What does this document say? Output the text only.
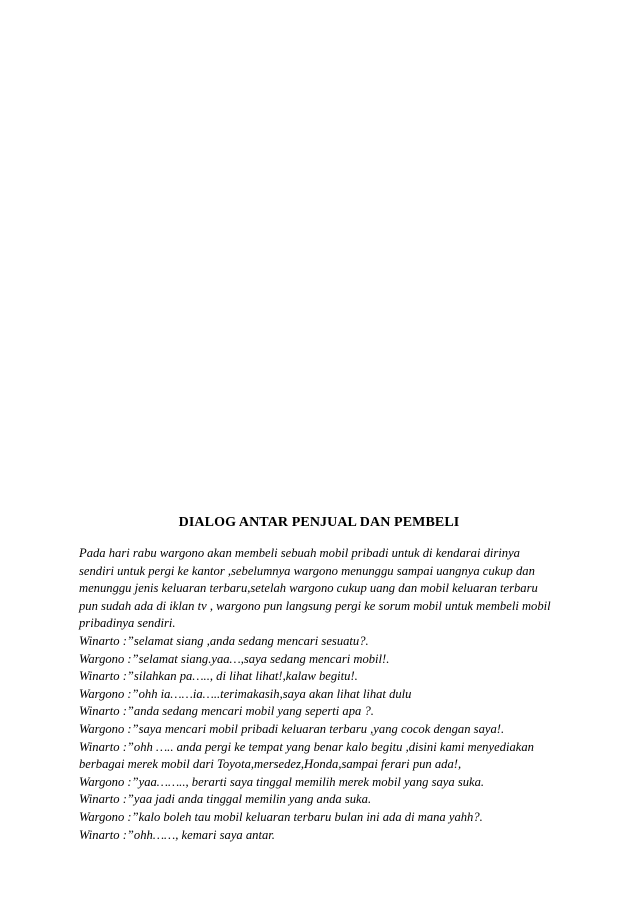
DIALOG ANTAR PENJUAL DAN PEMBELI
Pada hari rabu wargono akan membeli sebuah mobil pribadi untuk di kendarai dirinya
sendiri untuk pergi ke kantor ,sebelumnya wargono menunggu sampai uangnya cukup dan
menunggu jenis keluaran terbaru,setelah wargono cukup uang dan mobil keluaran terbaru
pun sudah ada di iklan tv , wargono pun langsung pergi ke sorum mobil untuk membeli mobil
pribadinya sendiri.
Winarto :”selamat siang ,anda sedang mencari sesuatu?.
Wargono :”selamat siang.yaa…,saya sedang mencari mobil!.
Winarto :”silahkan pa….., di lihat lihat!,kalaw begitu!.
Wargono :”ohh ia……ia…..terimakasih,saya akan lihat lihat dulu
Winarto :”anda sedang mencari mobil yang seperti apa ?.
Wargono :”saya mencari mobil pribadi keluaran terbaru ,yang cocok dengan saya!.
Winarto :”ohh ….. anda pergi ke tempat yang benar kalo begitu ,disini kami menyediakan
berbagai merek mobil dari Toyota,mersedez,Honda,sampai ferari pun ada!,
Wargono :”yaa…….., berarti saya tinggal memilih merek mobil yang saya suka.
Winarto :”yaa jadi anda tinggal memilin yang anda suka.
Wargono :”kalo boleh tau mobil keluaran terbaru bulan ini ada di mana yahh?.
Winarto :”ohh……, kemari saya antar.
